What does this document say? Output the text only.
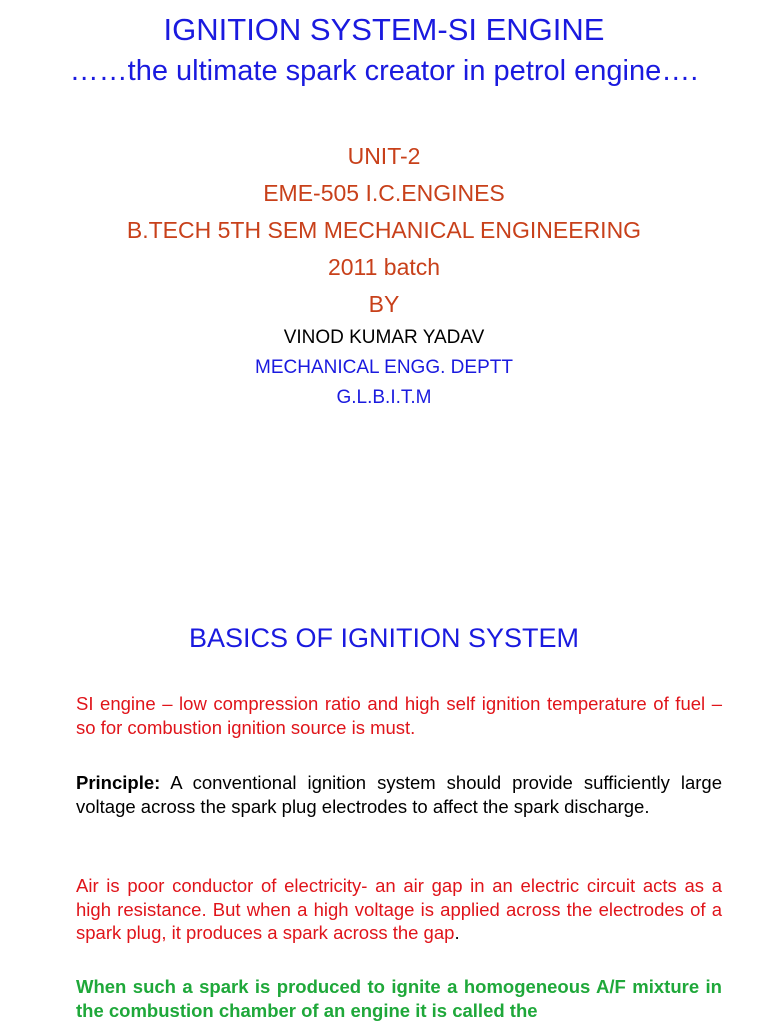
IGNITION SYSTEM-SI ENGINE
……the ultimate spark creator in petrol engine….
UNIT-2
EME-505 I.C.ENGINES
B.TECH 5TH SEM MECHANICAL ENGINEERING
2011 batch
BY
VINOD KUMAR YADAV
MECHANICAL ENGG. DEPTT
G.L.B.I.T.M
BASICS OF IGNITION SYSTEM
SI engine – low compression ratio and high self ignition temperature of fuel – so for combustion ignition source is must.
Principle: A conventional ignition system should provide sufficiently large voltage across the spark plug electrodes to affect the spark discharge.
Air is poor conductor of electricity- an air gap in an electric circuit acts as a high resistance. But when a high voltage is applied across the electrodes of a spark plug, it produces a spark across the gap.
When such a spark is produced to ignite a homogeneous A/F mixture in the combustion chamber of an engine it is called the
